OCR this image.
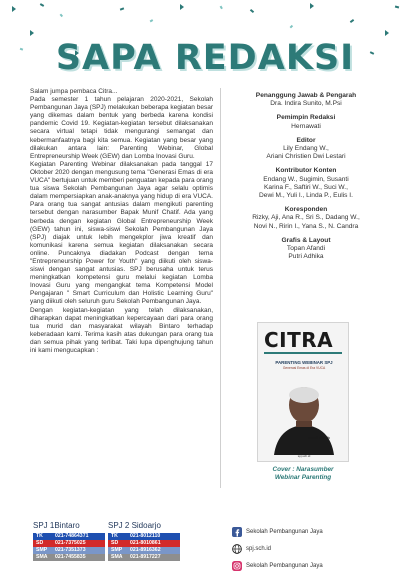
SAPA REDAKSI

Salam jumpa pembaca Citra...

Pada semester 1 tahun pelajaran 2020-2021, Sekolah Pembangunan Jaya (SPJ) melakukan beberapa kegiatan besar yang dikemas dalam bentuk yang berbeda karena kondisi pandemic Covid 19. Kegiatan-kegiatan tersebut dilaksanakan secara virtual tetapi tidak mengurangi semangat dan kebermanfaatnya bagi kita semua. Kegiatan yang besar yang dilakukan antara lain: Parenting Webinar, Global Entrepreneurship Week (GEW) dan Lomba Inovasi Guru.

Kegiatan Parenting Webinar dilaksanakan pada tanggal 17 Oktober 2020 dengan mengusung tema "Generasi Emas di era VUCA" bertujuan untuk memberi penguatan kepada para orang tua siswa Sekolah Pembangunan Jaya agar selalu optimis dalam mempersiapkan anak-anaknya yang hidup di era VUCA. Para orang tua sangat antusias dalam mengikuti parenting tersebut dengan narasumber Bapak Munif Chatif. Ada yang berbeda dengan kegiatan Global Entrepreneurship Week (GEW) tahun ini, siswa-siswi Sekolah Pembangunan Jaya (SPJ) diajak untuk lebih mengekplor jiwa kreatif dan komunikasi karena semua kegiatan dilaksanakan secara online. Puncaknya diadakan Podcast dengan tema "Entrepreneurship Power for Youth" yang diikuti oleh siswa-siswi dengan sangat antusias. SPJ berusaha untuk terus meningkatkan kompetensi guru melalui kegiatan Lomba Inovasi Guru yang mengangkat tema Kompetensi Model Pengajaran " Smart Curriculum dan Holistic Learning Guru" yang diikuti oleh seluruh guru Sekolah Pembangunan Jaya.

Dengan kegiatan-kegiatan yang telah dilaksanakan, diharapkan dapat meningkatkan kepercayaan dari para orang tua murid dan masyarakat wilayah Bintaro terhadap keberadaan kami. Terima kasih atas dukungan para orang tua dan semua pihak yang terlibat. Taki lupa dipenghujung tahun ini kami mengucapkan :

Penanggung Jawab & Pengarah
Dra. Indira Sunito, M.Psi
Pemimpin Redaksi
Hernawati
Editor
Lily Endang W.,
Ariani Christien Dwi Lestari
Kontributor Konten
Endang W., Sugimin, Susanti
Karina F., Saftiri W., Suci W.,
Dewi M., Yuli I., Linda P., Eulis I.
Koresponden
Rizky, Aji, Ana R., Sri S., Dadang W.,
Novi N., Ririn I., Yana S., N. Candra
Grafis & Layout
Topan Afandi
Putri Adhika
CITRA
PARENTING WEBINAR SPJ
Generasi Emas di Era VUCA
Munif Chatib
spj.sch.id
Cover : Narasumber
Webinar Parenting
SPJ 1Bintaro
TK	021-74864371
SD	021-7375025
SMP	021-7351373
SMA	021-7455835
SPJ 2 Sidoarjo
TK	021-8012110
SD	021-8010861
SMP	021-8916362
SMA	021-8917227
Sekolah Pembangunan Jaya
spj.sch.id
Sekolah Pembangunan Jaya
